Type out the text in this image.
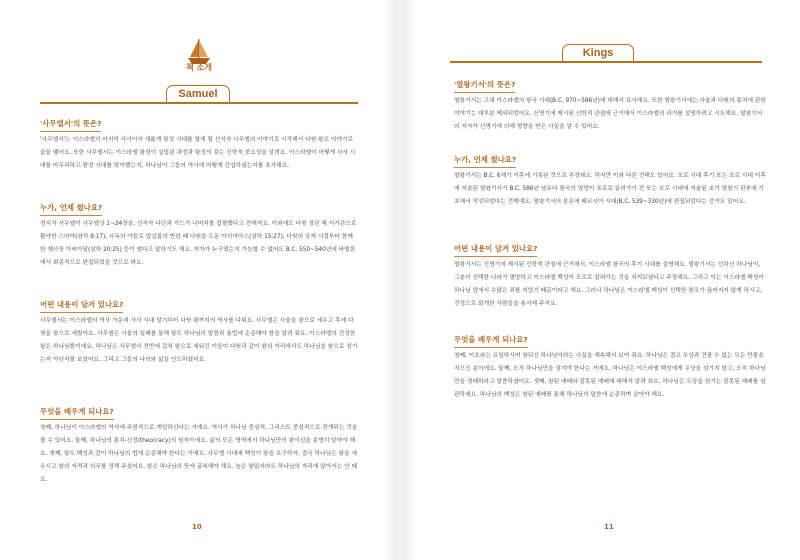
책 소개
Samuel
'사무엘서'의 뜻은?
'사무엘서'는 이스라엘의 마지막 사사이자 새롭게 왕정 시대를 열게 될 선지자 사무엘의 이야기로 시작해서 다윗 왕조 이야기로 끝을 맺어요. 또한 사무엘서는 이스라엘 왕정이 설립된 과정과 왕정의 갖는 신학적 중요성을 알려요. 이스라엘이 어떻게 사사 시대를 마무리하고 왕정 시대를 맞이했는지, 하나님이 그들의 역사에 어떻게 간섭하셨는지를 표사해요.
누가, 언제 썼나요?
전지자 사무엘이 사무엘상 1~24장을, 선지자 나단과 가드가 나머지를 집필했다고 전해져요. 이외에도 다윗 정권 제 서기관으로 활약한 스라야(삼하 8:17), 사독의 아들로 압살롬의 반란 때 다윗을 도운 아히마아스(삼하 15:27), 다윗의 궁재 시절부터 함께한 제사장 아비아달(삼하 20:25) 등이 썼다고 말하기도 해요. 저자가 누구였는지 가늠할 수 없어도 B.C. 550~540년에 바빌론에서 최종적으로 편집되었을 것으로 봐요.
어떤 내용이 담겨 있나요?
사무엘서는 이스라엘의 역사 가운데 사사 시대 말기부터 다윗 왕까지의 역사를 다뤄요. 사무엘은 사울을 왕으로 세우고 후에 다윗을 왕으로 세웠어요. 사무엘은 사울의 실패를 통해 왕도 하나님의 말씀과 율법에 순종해야 함을 알려 줘요. 이스라엘의 진정한 왕은 하나님뿐이에요. 하나님은 사무엘서 전반에 걸쳐 왕으로 세워진 이들이 다윗과 같이 왕의 자리에서도 하나님을 왕으로 섬기는지 아닌지를 보셨어요. 그리고 그들의 나라와 삶을 인도하셨어요.
무엇을 배우게 되나요?
첫째, 하나님이 이스라엘의 역사에 주권적으로 개입하신다는 거예요. 역사가 하나님 중심적, 그리스도 중심적으로 전개되는 것을 볼 수 있어요. 둘째, 하나님의 통치-신정(theocracy)의 원칙이에요. 삶의 모든 영역에서 하나님만이 왕이심을 분명히 알아야 해요. 셋째, 왕도 백성과 같이 하나님의 법에 순종해야 한다는 거예요. 사무엘 시대에 백성이 왕을 요구하자, 결국 하나님은 왕을 세우시고 왕의 자격과 의무를 정해 주셨어요. 왕은 하나님의 뜻에 굴복해야 해요. 높은 왕일지라도 하나님의 자리에 앉아서는 안 돼요.
10
Kings
'열왕기서'의 뜻은?
열왕기서는 고대 이스라엘의 왕국 시대(B.C. 970~586년)에 대해서 묘사해요. 또한 열왕기서에는 사울과 다윗의 통치에 관한 이야기는 대부분 제외되었어요. 신명기에 제시된 신학적 관점에 근거해서 이스라엘의 과거를 설명하려고 시도해요. 열왕기서의 저자가 신명기에 의해 영향을 받은 사실을 알 수 있어요.
누가, 언제 썼나요?
열왕기서는 B.C. 6세기 이후에 기록된 것으로 추정돼요. 하지만 이와 다른 견해도 있어요. 포로 시대 후기 또는 포로 시대 이후에 저술된 열왕기서가 B.C. 586년 남유다 왕국의 멸망이 포로로 끌려가기 전 또는 포로 시대에 저술된 초기 열왕기 판본에 기초해서 작성되었다는 견해예요. 열왕기서의 본문에 페르시아 시대(B.C. 539~330년)에 편집되었다는 증거도 있어요.
어떤 내용이 담겨 있나요?
열왕기서는 신명기에 제시된 신학적 관점에 근거해서, 이스라엘 왕국의 후기 시대를 설명해요. 열왕기서는 선하신 하나님이, 그분이 선택한 나라가 멸망하고 이스라엘 백성이 포로로 잡혀가는 것을 지켜보셨다고 주장해요. 그리고 이는 이스라엘 백성이 하나님 앞에서 수많은 죄를 지었기 때문이라고 해요. 그러나 하나님은 이스라엘 백성이 선택한 왕조가 끊어지지 않게 하시고, 진정으로 회개한 사람들을 용서해 주셔요.
무엇을 배우게 되나요?
첫째, 이호와는 유일하시며 참되신 하나님이라는 사실을 계속해서 보여 줘요. 하나님은 결코 우상과 견줄 수 없는 모든 만물을 지으신 분이에요. 둘째, 오직 하나님만을 섬겨야 한다는 거예요. 하나님은 이스라엘 백성에게 우상을 섬기지 말고, 오직 하나님만을 경배하라고 말씀하셨어요. 셋째, 참된 예배와 잘못된 예배에 대해서 알려 줘요. 하나님은 우상을 섬기는 잘못된 예배를 심판하세요. 하나님의 백성은 참된 예배를 통해 하나님의 말씀에 순종하며 살아야 해요.
11
